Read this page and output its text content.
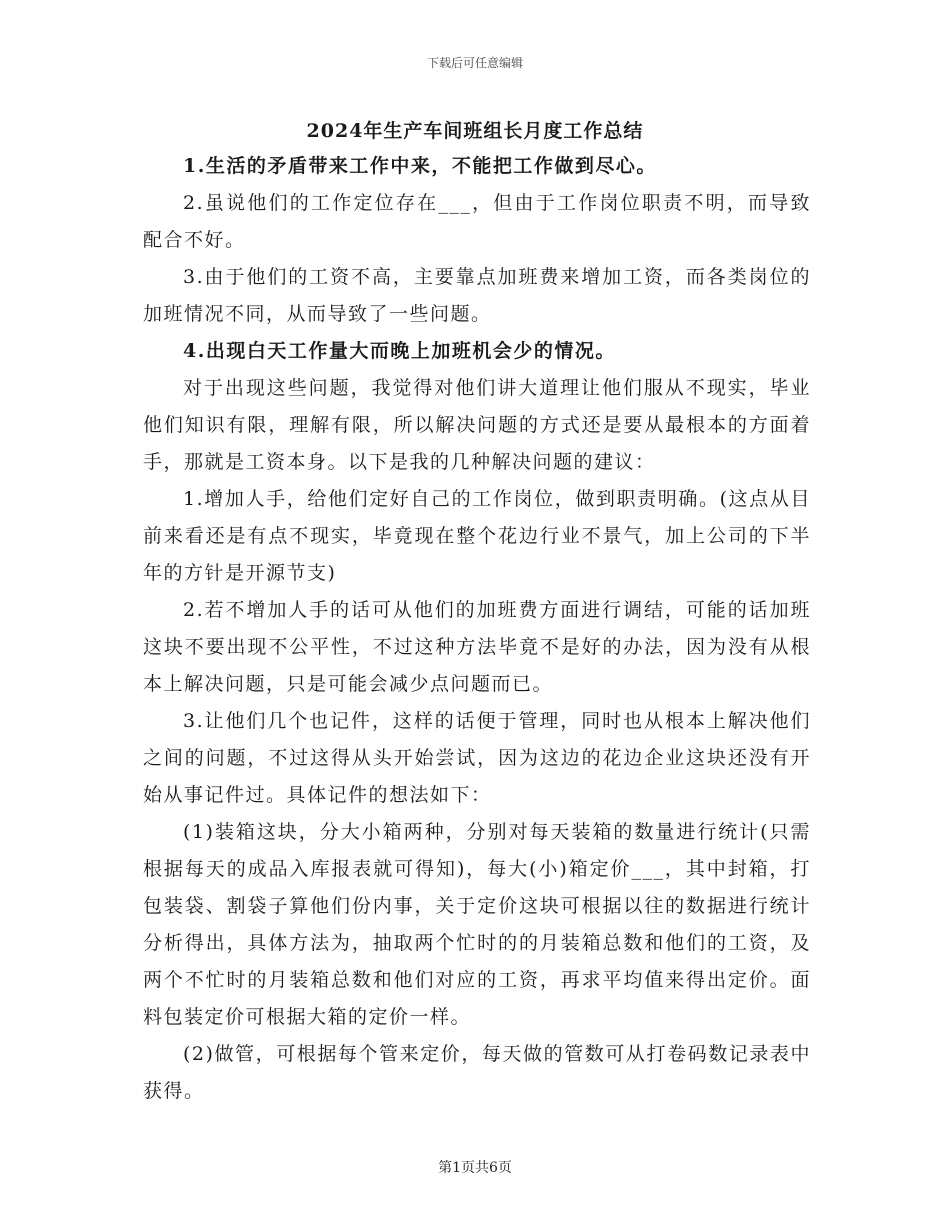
下载后可任意编辑
2024年生产车间班组长月度工作总结

1.生活的矛盾带来工作中来，不能把工作做到尽心。

2.虽说他们的工作定位存在___，但由于工作岗位职责不明，而导致配合不好。

3.由于他们的工资不高，主要靠点加班费来增加工资，而各类岗位的加班情况不同，从而导致了一些问题。

4.出现白天工作量大而晚上加班机会少的情况。

对于出现这些问题，我觉得对他们讲大道理让他们服从不现实，毕业他们知识有限，理解有限，所以解决问题的方式还是要从最根本的方面着手，那就是工资本身。以下是我的几种解决问题的建议：

1.增加人手，给他们定好自己的工作岗位，做到职责明确。(这点从目前来看还是有点不现实，毕竟现在整个花边行业不景气，加上公司的下半年的方针是开源节支)

2.若不增加人手的话可从他们的加班费方面进行调结，可能的话加班这块不要出现不公平性，不过这种方法毕竟不是好的办法，因为没有从根本上解决问题，只是可能会减少点问题而已。

3.让他们几个也记件，这样的话便于管理，同时也从根本上解决他们之间的问题，不过这得从头开始尝试，因为这边的花边企业这块还没有开始从事记件过。具体记件的想法如下：

(1)装箱这块，分大小箱两种，分别对每天装箱的数量进行统计(只需根据每天的成品入库报表就可得知)，每大(小)箱定价___，其中封箱，打包装袋、割袋子算他们份内事，关于定价这块可根据以往的数据进行统计分析得出，具体方法为，抽取两个忙时的的月装箱总数和他们的工资，及两个不忙时的月装箱总数和他们对应的工资，再求平均值来得出定价。面料包装定价可根据大箱的定价一样。

(2)做管，可根据每个管来定价，每天做的管数可从打卷码数记录表中获得。

第1页共6页
